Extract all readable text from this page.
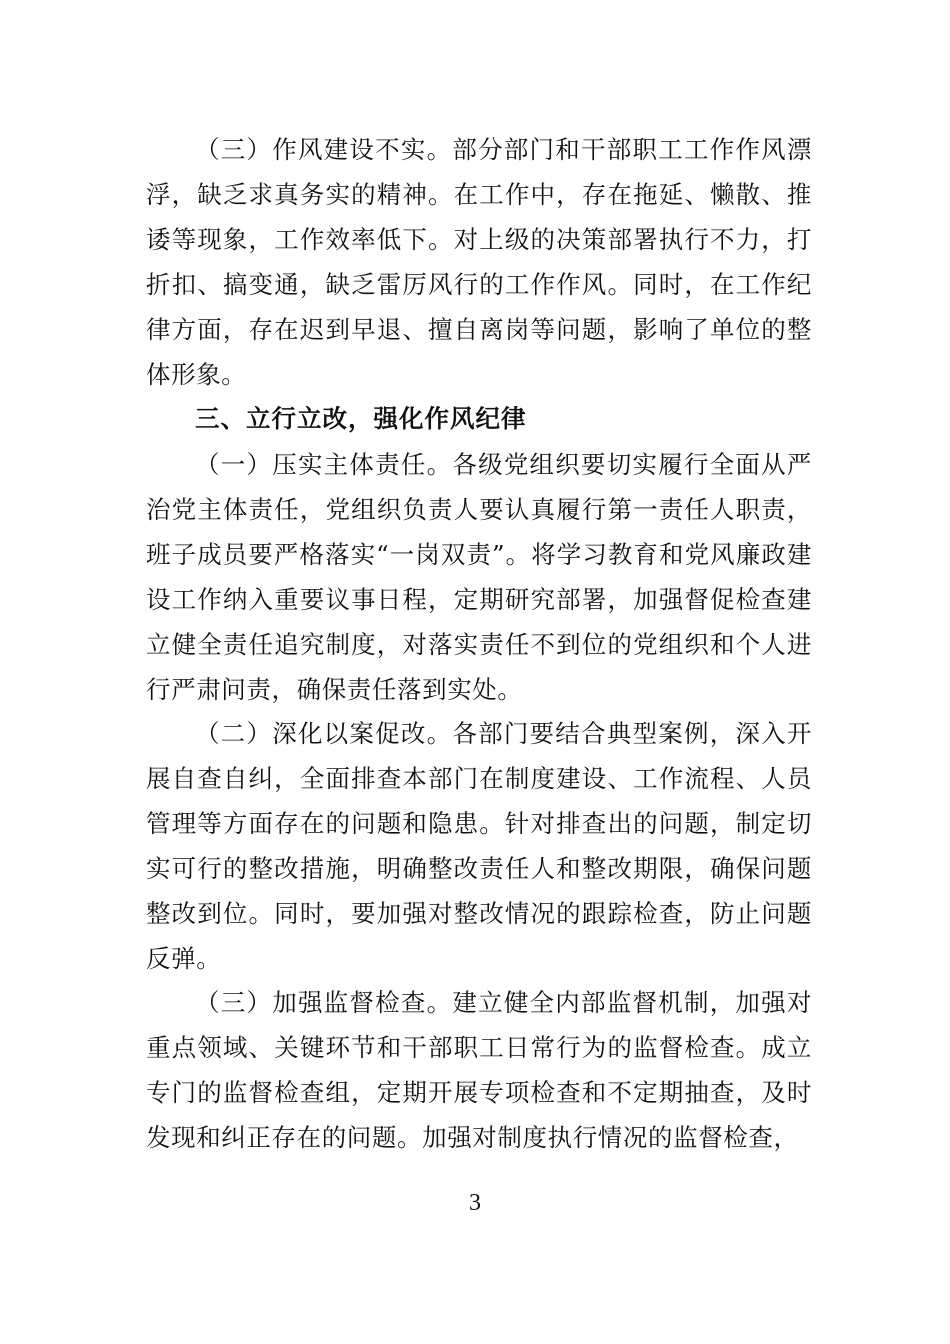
（三）作风建设不实。部分部门和干部职工工作作风漂浮，缺乏求真务实的精神。在工作中，存在拖延、懒散、推诿等现象，工作效率低下。对上级的决策部署执行不力，打折扣、搞变通，缺乏雷厉风行的工作作风。同时，在工作纪律方面，存在迟到早退、擅自离岗等问题，影响了单位的整体形象。

三、立行立改，强化作风纪律

（一）压实主体责任。各级党组织要切实履行全面从严治党主体责任，党组织负责人要认真履行第一责任人职责，班子成员要严格落实“一岗双责”。将学习教育和党风廉政建设工作纳入重要议事日程，定期研究部署，加强督促检查建立健全责任追究制度，对落实责任不到位的党组织和个人进行严肃问责，确保责任落到实处。

（二）深化以案促改。各部门要结合典型案例，深入开展自查自纠，全面排查本部门在制度建设、工作流程、人员管理等方面存在的问题和隐患。针对排查出的问题，制定切实可行的整改措施，明确整改责任人和整改期限，确保问题整改到位。同时，要加强对整改情况的跟踪检查，防止问题反弹。

（三）加强监督检查。建立健全内部监督机制，加强对重点领域、关键环节和干部职工日常行为的监督检查。成立专门的监督检查组，定期开展专项检查和不定期抽查，及时发现和纠正存在的问题。加强对制度执行情况的监督检查，

3
